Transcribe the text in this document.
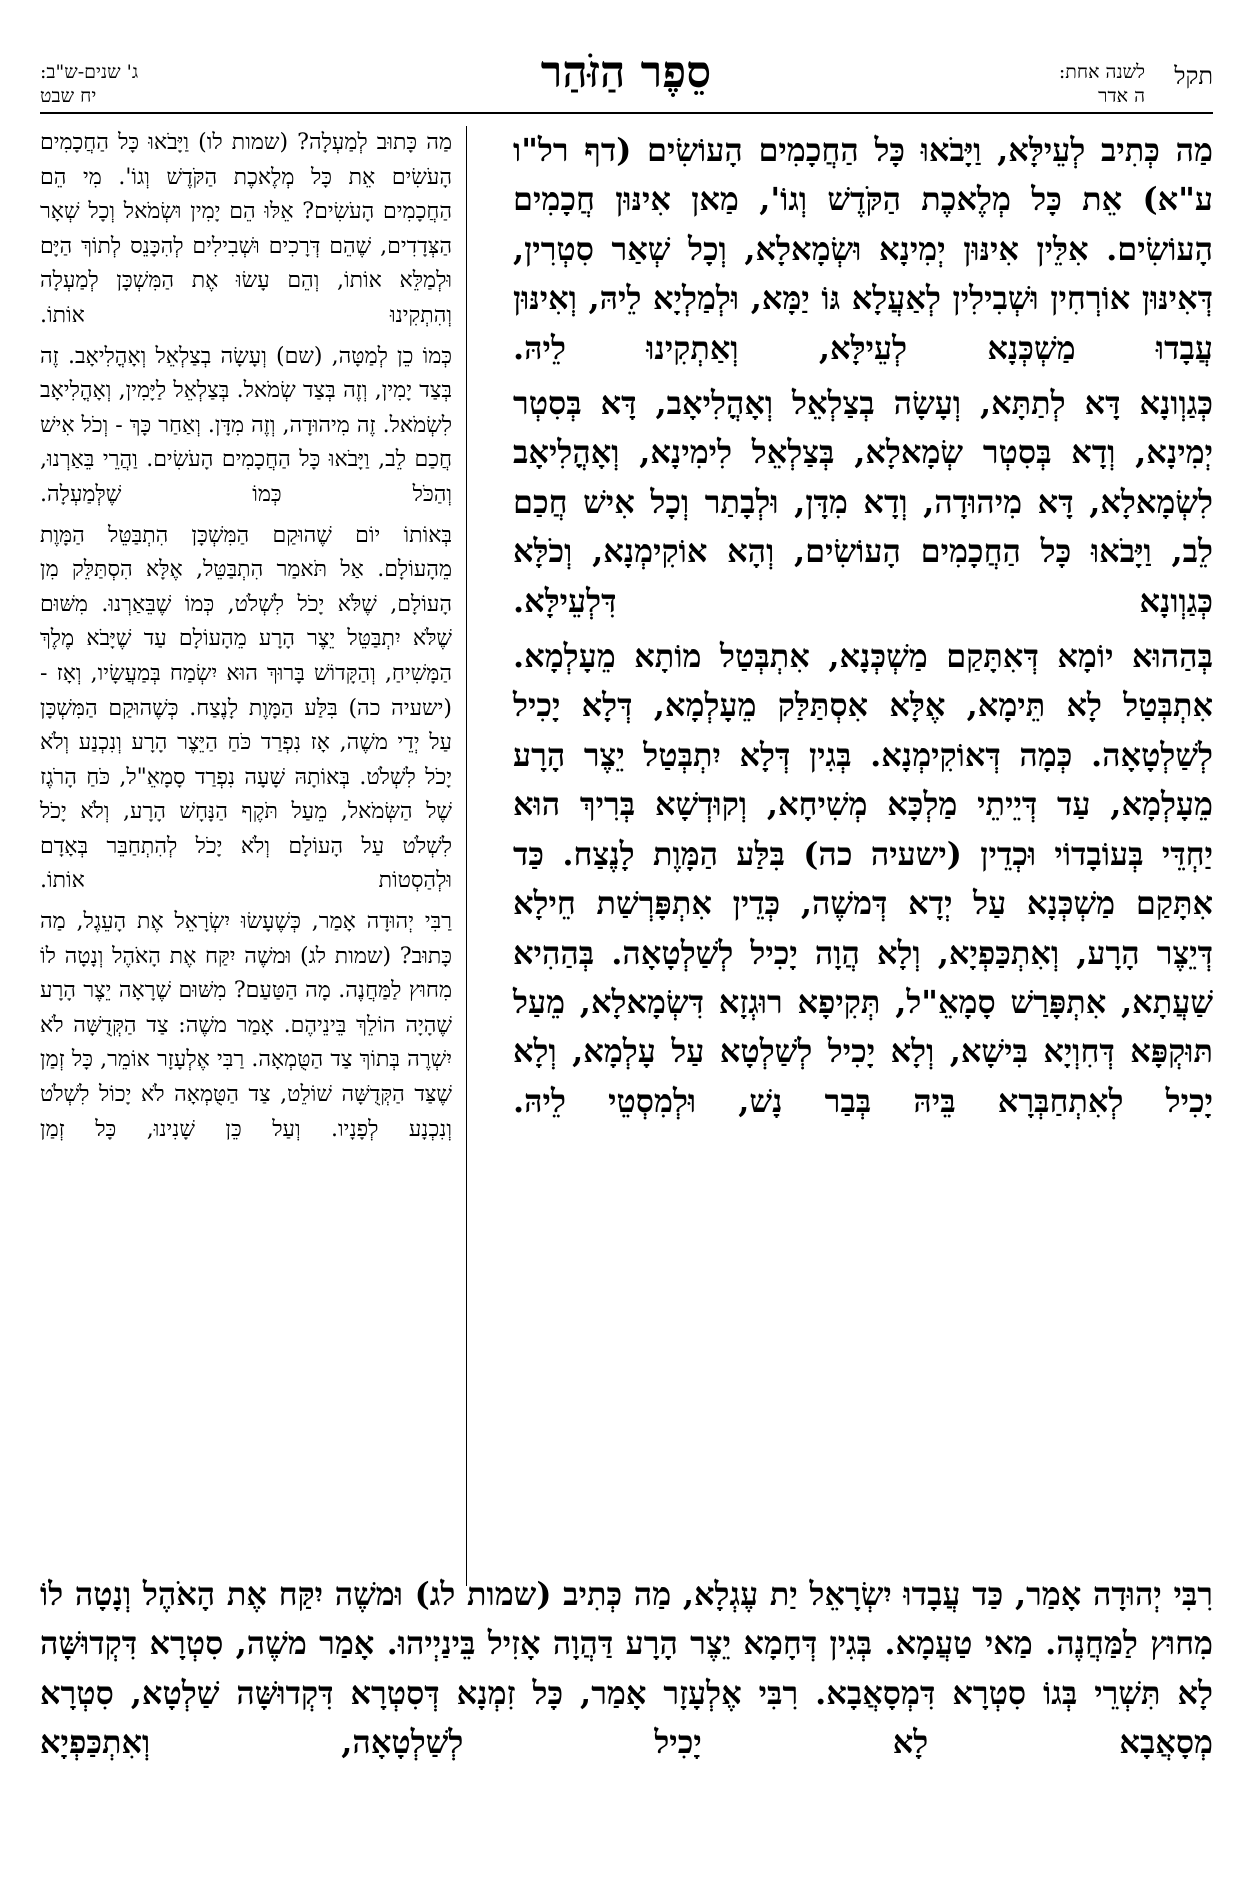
תקל
לשנה אחת:
ה אדר
סֵפֶר הַזֹּהַר
ג' שנים-ש"ב:
יח שבט

מַה כְּתִיב לְעֵילָּא, וַיָּבֹאוּ כָּל הַחֲכָמִים הָעוֹשִׂים (דף רל"ו ע"א) אֵת כָּל מְלֶאכֶת הַקֹּדֶשׁ וְגוֹ', מַאן אִינּוּן חֲכָמִים הָעוֹשִׂים. אִלֵּין אִינּוּן יְמִינָא וּשְׂמָאלָא, וְכָל שְׁאַר סִטְרִין, דְּאִינּוּן אוֹרְחִין וּשְׁבִילִין לְאַעֲלָא גּוֹ יַמָּא, וּלְמַלְיָא לֵיהּ, וְאִינּוּן עֲבָדוּ מַשְׁכְּנָא לְעֵילָּא, וְאַתְקִינוּ לֵיהּ.

כְּגַוְונָא דָּא לְתַתָּא, וְעָשָׂה בְצַלְאֵל וְאָהֳלִיאָב, דָּא בְּסִטְר יְמִינָא, וְדָא בְּסִטְר שְׂמָאלָא, בְּצַלְאֵל לִימִינָא, וְאָהֳלִיאָב לִשְׂמָאלָא, דָּא מִיהוּדָה, וְדָא מִדָּן, וּלְבָתַר וְכָל אִישׁ חֲכַם לֵב, וַיָּבֹאוּ כָּל הַחֲכָמִים הָעוֹשִׂים, וְהָא אוֹקִימְנָא, וְכֹלָּא כְּגַוְונָא דִּלְעֵילָּא.

בְּהַהוּא יוֹמָא דְּאִתָּקַם מַשְׁכְּנָא, אִתְבְּטַל מוֹתָא מֵעָלְמָא. אִתְבְּטַל לָא תֵּימָא, אֶלָּא אִסְתַּלַּק מֵעָלְמָא, דְּלָא יָכִיל לְשַׁלְטָאָה. כְּמָה דְּאוֹקִימְנָא. בְּגִין דְּלָא יִתְבְּטַל יֵצֶר הָרָע מֵעָלְמָא, עַד דְּיֵיתֵי מַלְכָּא מְשִׁיחָא, וְקוּדְשָׁא בְּרִיךְ הוּא יַחְדֵּי בְּעוֹבָדוֹי וּכְדֵין (ישעיה כה) בִּלַּע הַמָּוֶת לָנֶצַח. כַּד אִתָּקַם מַשְׁכְּנָא עַל יְדָא דְּמשֶׁה, כְּדֵין אִתְפָּרְשַׁת חֵילָא דְּיֵצֶר הָרָע, וְאִתְכַּפְיָא, וְלָא הֲוָה יָכִיל לְשַׁלְטָאָה. בְּהַהִיא שַׁעֲתָא, אִתְפָּרַשׁ סָמָאֵ"ל, תְּקִיפָא רוּגְזָא דִּשְׂמָאלָא, מֵעַל תּוּקְפָּא דְּחִוְיָא בִּישָׁא, וְלָא יָכִיל לְשַׁלְטָא עַל עָלְמָא, וְלָא יָכִיל לְאִתְחַבְּרָא בֵּיהּ בְּבַר נָשׁ, וּלְמִסְטֵי לֵיהּ.

מַה כָּתוּב לְמַעְלָה? (שמות לו) וַיָּבֹאוּ כָּל הַחֲכָמִים הָעֹשִׂים אֵת כָּל מְלֶאכֶת הַקֹּדֶשׁ וְגוֹ'. מִי הֵם הַחֲכָמִים הָעֹשִׂים? אֵלּוּ הֵם יָמִין וּשְׂמֹאל וְכָל שְׁאָר הַצְּדָדִים, שֶׁהֵם דְּרָכִים וּשְׁבִילִים לְהִכָּנֵס לְתוֹךְ הַיָּם וּלְמַלֵּא אוֹתוֹ, וְהֵם עָשׂוּ אֶת הַמִּשְׁכָּן לְמַעְלָה וְהִתְקִינוּ אוֹתוֹ.

כְּמוֹ כֵן לְמַטָּה, (שם) וְעָשָׂה בְצַלְאֵל וְאָהֳלִיאָב. זֶה בְּצַד יָמִין, וְזֶה בְּצַד שְׂמֹאל. בְּצַלְאֵל לַיָּמִין, וְאָהֳלִיאָב לִשְׂמֹאל. זֶה מִיהוּדָה, וְזֶה מִדָּן. וְאַחַר כָּךְ - וְכֹל אִישׁ חֲכַם לֵב, וַיָּבֹאוּ כָּל הַחֲכָמִים הָעֹשִׂים. וַהֲרֵי בֵּאַרְנוּ, וְהַכֹּל כְּמוֹ שֶׁלְּמַעְלָה.

בְּאוֹתוֹ יוֹם שֶׁהוּקַם הַמִּשְׁכָּן הִתְבַּטֵּל הַמָּוֶת מֵהָעוֹלָם. אַל תֹּאמַר הִתְבַּטֵּל, אֶלָּא הִסְתַּלֵּק מִן הָעוֹלָם, שֶׁלֹּא יָכֹל לִשְׁלֹט, כְּמוֹ שֶׁבֵּאַרְנוּ. מִשּׁוּם שֶׁלֹּא יִתְבַּטֵּל יֵצֶר הָרָע מֵהָעוֹלָם עַד שֶׁיָּבֹא מֶלֶךְ הַמָּשִׁיחַ, וְהַקָּדוֹשׁ בָּרוּךְ הוּא יִשְׂמַח בְּמַעֲשָׂיו, וְאָז - (ישעיה כה) בִּלַּע הַמָּוֶת לָנֶצַח. כְּשֶׁהוּקַם הַמִּשְׁכָּן עַל יְדֵי משֶׁה, אָז נִפְרַד כֹּחַ הַיֵּצֶר הָרָע וְנִכְנַע וְלֹא יָכֹל לִשְׁלֹט. בְּאוֹתָהּ שָׁעָה נִפְרַד סָמָאֵ"ל, כֹּחַ הָרֹגֶז שֶׁל הַשְּׂמֹאל, מֵעַל תֹּקֶף הַנָּחָשׁ הָרָע, וְלֹא יָכֹל לִשְׁלֹט עַל הָעוֹלָם וְלֹא יָכֹל לְהִתְחַבֵּר בְּאָדָם וּלְהַסְטוֹת אוֹתוֹ.

רַבִּי יְהוּדָה אָמַר, כְּשֶׁעָשׂוּ יִשְׂרָאֵל אֶת הָעֵגֶל, מַה כָּתוּב? (שמות לג) וּמשֶׁה יִקַּח אֶת הָאֹהֶל וְנָטָה לוֹ מִחוּץ לַמַּחֲנֶה. מָה הַטַּעַם? מִשּׁוּם שֶׁרָאָה יֵצֶר הָרָע שֶׁהָיָה הוֹלֵךְ בֵּינֵיהֶם. אָמַר משֶׁה: צַד הַקְּדֻשָּׁה לֹא יִשְׁרֶה בְּתוֹךְ צַד הַטֻּמְאָה. רַבִּי אֶלְעָזָר אוֹמֵר, כָּל זְמַן שֶׁצַּד הַקְּדֻשָּׁה שׁוֹלֵט, צַד הַטֻּמְאָה לֹא יָכוֹל לִשְׁלֹט וְנִכְנָע לְפָנָיו. וְעַל כֵּן שָׁנִינוּ, כָּל זְמַן

רִבִּי יְהוּדָה אָמַר, כַּד עֲבָדוּ יִשְׂרָאֵל יַת עֶגְלָא, מַה כְּתִיב (שמות לג) וּמשֶׁה יִקַּח אֶת הָאֹהֶל וְנָטָה לוֹ מִחוּץ לַמַּחֲנֶה. מַאי טַעֲמָא. בְּגִין דְּחָמָא יֵצֶר הָרָע דַּהֲוָה אָזִיל בֵּינַיְיהוּ. אָמַר משֶׁה, סִטְרָא דִּקְדוּשָּׁה לָא תִּשְׁרֵי בְּגוֹ סִטְרָא דִּמְסָאֲבָא. רִבִּי אֶלְעָזָר אָמַר, כָּל זִמְנָא דְּסִטְרָא דִּקְדוּשָּׁה שַׁלְטָא, סִטְרָא מְסָאֲבָא לָא יָכִיל לְשַׁלְטָאָה, וְאִתְכַּפְיָא
